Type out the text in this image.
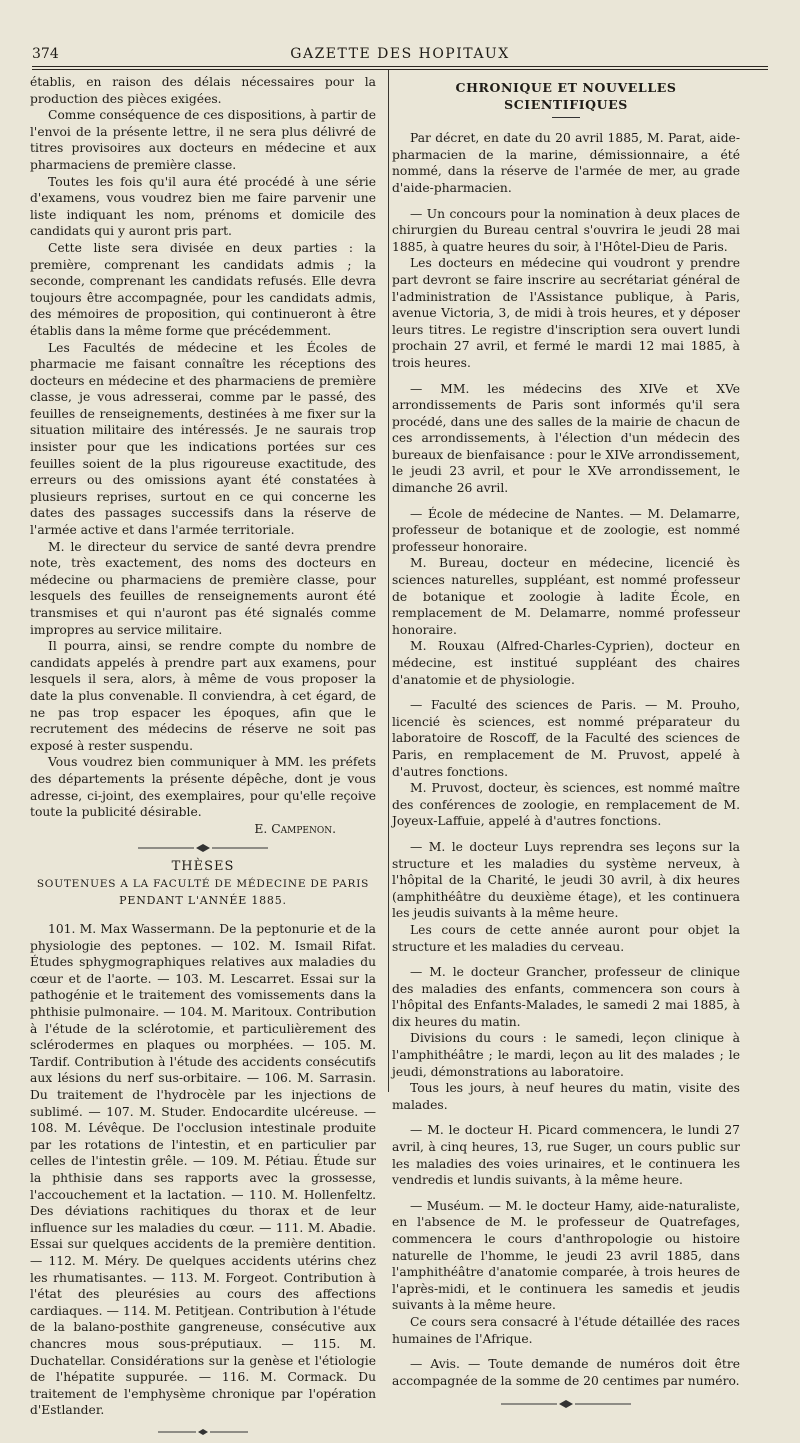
374	GAZETTE DES HOPITAUX

établis, en raison des délais nécessaires pour la production des pièces exigées.

Comme conséquence de ces dispositions, à partir de l'envoi de la présente lettre, il ne sera plus délivré de titres provisoires aux docteurs en médecine et aux pharmaciens de première classe.

Toutes les fois qu'il aura été procédé à une série d'examens, vous voudrez bien me faire parvenir une liste indiquant les nom, prénoms et domicile des candidats qui y auront pris part.

Cette liste sera divisée en deux parties : la première, comprenant les candidats admis ; la seconde, comprenant les candidats refusés. Elle devra toujours être accompagnée, pour les candidats admis, des mémoires de proposition, qui continueront à être établis dans la même forme que précédemment.

Les Facultés de médecine et les Écoles de pharmacie me faisant connaître les réceptions des docteurs en médecine et des pharmaciens de première classe, je vous adresserai, comme par le passé, des feuilles de renseignements, destinées à me fixer sur la situation militaire des intéressés. Je ne saurais trop insister pour que les indications portées sur ces feuilles soient de la plus rigoureuse exactitude, des erreurs ou des omissions ayant été constatées à plusieurs reprises, surtout en ce qui concerne les dates des passages successifs dans la réserve de l'armée active et dans l'armée territoriale.

M. le directeur du service de santé devra prendre note, très exactement, des noms des docteurs en médecine ou pharmaciens de première classe, pour lesquels des feuilles de renseignements auront été transmises et qui n'auront pas été signalés comme impropres au service militaire.

Il pourra, ainsi, se rendre compte du nombre de candidats appelés à prendre part aux examens, pour lesquels il sera, alors, à même de vous proposer la date la plus convenable. Il conviendra, à cet égard, de ne pas trop espacer les époques, afin que le recrutement des médecins de réserve ne soit pas exposé à rester suspendu.

Vous voudrez bien communiquer à MM. les préfets des départements la présente dépêche, dont je vous adresse, ci-joint, des exemplaires, pour qu'elle reçoive toute la publicité désirable.

E. Campenon.

THÈSES
SOUTENUES A LA FACULTÉ DE MÉDECINE DE PARIS
PENDANT L'ANNÉE 1885.

101. M. Max Wassermann. De la peptonurie et de la physiologie des peptones. — 102. M. Ismail Rifat. Études sphygmographiques relatives aux maladies du cœur et de l'aorte. — 103. M. Lescarret. Essai sur la pathogénie et le traitement des vomissements dans la phthisie pulmonaire. — 104. M. Maritoux. Contribution à l'étude de la sclérotomie, et particulièrement des sclérodermes en plaques ou morphées. — 105. M. Tardif. Contribution à l'étude des accidents consécutifs aux lésions du nerf sus-orbitaire. — 106. M. Sarrasin. Du traitement de l'hydrocèle par les injections de sublimé. — 107. M. Studer. Endocardite ulcéreuse. — 108. M. Lévêque. De l'occlusion intestinale produite par les rotations de l'intestin, et en particulier par celles de l'intestin grêle. — 109. M. Pétiau. Étude sur la phthisie dans ses rapports avec la grossesse, l'accouchement et la lactation. — 110. M. Hollenfeltz. Des déviations rachitiques du thorax et de leur influence sur les maladies du cœur. — 111. M. Abadie. Essai sur quelques accidents de la première dentition. — 112. M. Méry. De quelques accidents utérins chez les rhumatisantes. — 113. M. Forgeot. Contribution à l'état des pleurésies au cours des affections cardiaques. — 114. M. Petitjean. Contribution à l'étude de la balano-posthite gangreneuse, consécutive aux chancres mous sous-préputiaux. — 115. M. Duchatellar. Considérations sur la genèse et l'étiologie de l'hépatite suppurée. — 116. M. Cormack. Du traitement de l'emphysème chronique par l'opération d'Estlander.

CHRONIQUE ET NOUVELLES SCIENTIFIQUES

Par décret, en date du 20 avril 1885, M. Parat, aide-pharmacien de la marine, démissionnaire, a été nommé, dans la réserve de l'armée de mer, au grade d'aide-pharmacien.

— Un concours pour la nomination à deux places de chirurgien du Bureau central s'ouvrira le jeudi 28 mai 1885, à quatre heures du soir, à l'Hôtel-Dieu de Paris.

Les docteurs en médecine qui voudront y prendre part devront se faire inscrire au secrétariat général de l'administration de l'Assistance publique, à Paris, avenue Victoria, 3, de midi à trois heures, et y déposer leurs titres. Le registre d'inscription sera ouvert lundi prochain 27 avril, et fermé le mardi 12 mai 1885, à trois heures.

— MM. les médecins des XIVe et XVe arrondissements de Paris sont informés qu'il sera procédé, dans une des salles de la mairie de chacun de ces arrondissements, à l'élection d'un médecin des bureaux de bienfaisance : pour le XIVe arrondissement, le jeudi 23 avril, et pour le XVe arrondissement, le dimanche 26 avril.

— École de médecine de Nantes. — M. Delamarre, professeur de botanique et de zoologie, est nommé professeur honoraire.

M. Bureau, docteur en médecine, licencié ès sciences naturelles, suppléant, est nommé professeur de botanique et zoologie à ladite École, en remplacement de M. Delamarre, nommé professeur honoraire.

M. Rouxau (Alfred-Charles-Cyprien), docteur en médecine, est institué suppléant des chaires d'anatomie et de physiologie.

— Faculté des sciences de Paris. — M. Prouho, licencié ès sciences, est nommé préparateur du laboratoire de Roscoff, de la Faculté des sciences de Paris, en remplacement de M. Pruvost, appelé à d'autres fonctions.

M. Pruvost, docteur, ès sciences, est nommé maître des conférences de zoologie, en remplacement de M. Joyeux-Laffuie, appelé à d'autres fonctions.

— M. le docteur Luys reprendra ses leçons sur la structure et les maladies du système nerveux, à l'hôpital de la Charité, le jeudi 30 avril, à dix heures (amphithéâtre du deuxième étage), et les continuera les jeudis suivants à la même heure.

Les cours de cette année auront pour objet la structure et les maladies du cerveau.

— M. le docteur Grancher, professeur de clinique des maladies des enfants, commencera son cours à l'hôpital des Enfants-Malades, le samedi 2 mai 1885, à dix heures du matin.

Divisions du cours : le samedi, leçon clinique à l'amphithéâtre ; le mardi, leçon au lit des malades ; le jeudi, démonstrations au laboratoire.

Tous les jours, à neuf heures du matin, visite des malades.

— M. le docteur H. Picard commencera, le lundi 27 avril, à cinq heures, 13, rue Suger, un cours public sur les maladies des voies urinaires, et le continuera les vendredis et lundis suivants, à la même heure.

— Muséum. — M. le docteur Hamy, aide-naturaliste, en l'absence de M. le professeur de Quatrefages, commencera le cours d'anthropologie ou histoire naturelle de l'homme, le jeudi 23 avril 1885, dans l'amphithéâtre d'anatomie comparée, à trois heures de l'après-midi, et le continuera les samedis et jeudis suivants à la même heure.

Ce cours sera consacré à l'étude détaillée des races humaines de l'Afrique.

— Avis. — Toute demande de numéros doit être accompagnée de la somme de 20 centimes par numéro.
